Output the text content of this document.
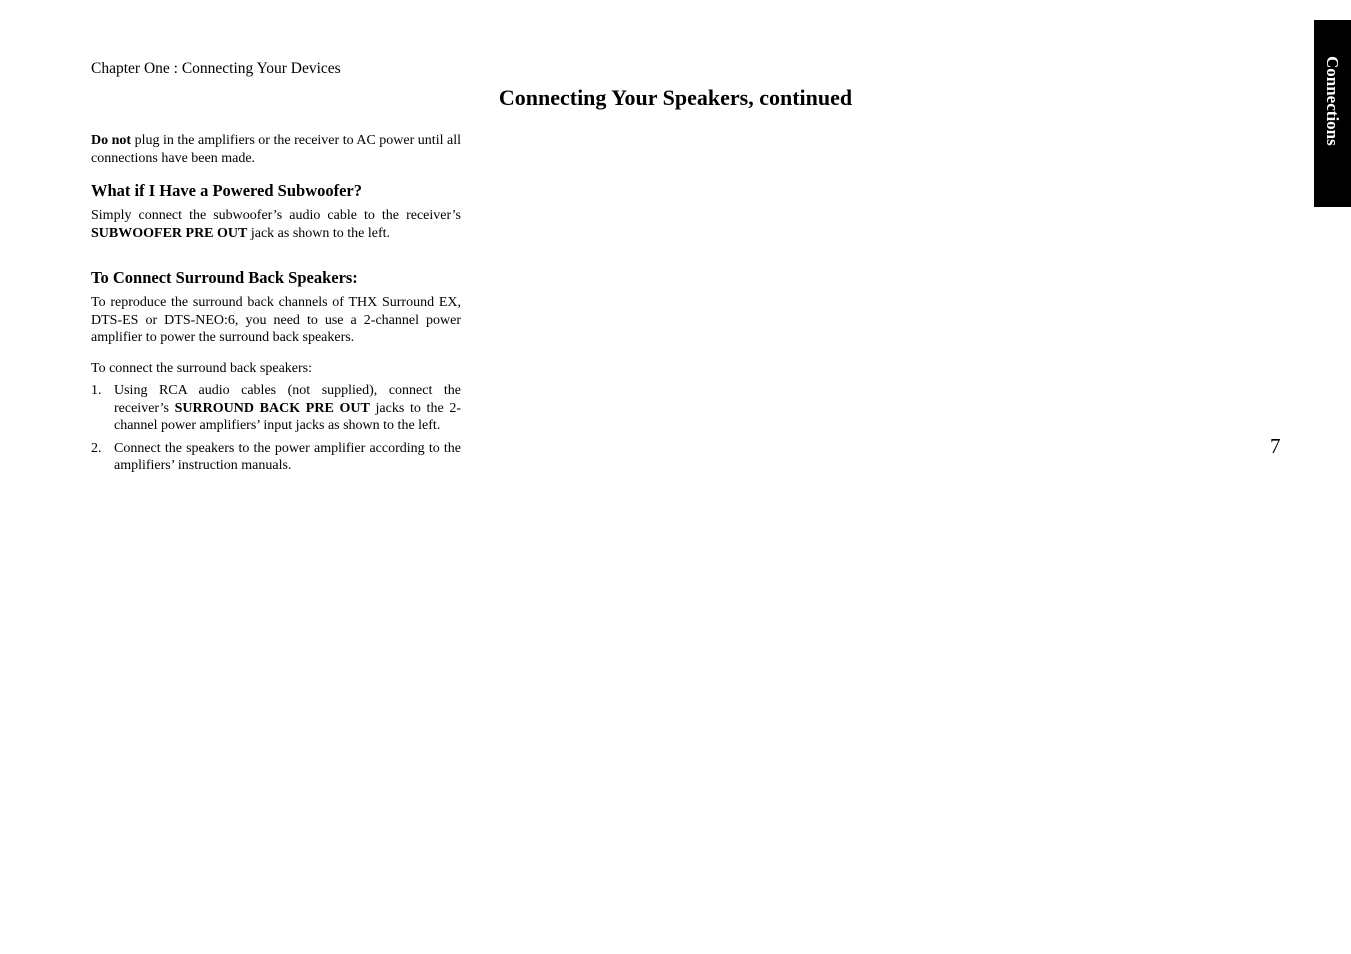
Chapter One : Connecting Your Devices
Connecting Your Speakers, continued

Do not plug in the amplifiers or the receiver to AC power until all connections have been made.

What if I Have a Powered Subwoofer?

Simply connect the subwoofer’s audio cable to the receiver’s SUBWOOFER PRE OUT jack as shown to the left.

To Connect Surround Back Speakers:

To reproduce the surround back channels of THX Surround EX, DTS-ES or DTS-NEO:6, you need to use a 2-channel power amplifier to power the surround back speakers.

To connect the surround back speakers:

1. Using RCA audio cables (not supplied), connect the receiver’s SURROUND BACK PRE OUT jacks to the 2-channel power amplifiers’ input jacks as shown to the left.
2. Connect the speakers to the power amplifier according to the amplifiers’ instruction manuals.
Connections
7
